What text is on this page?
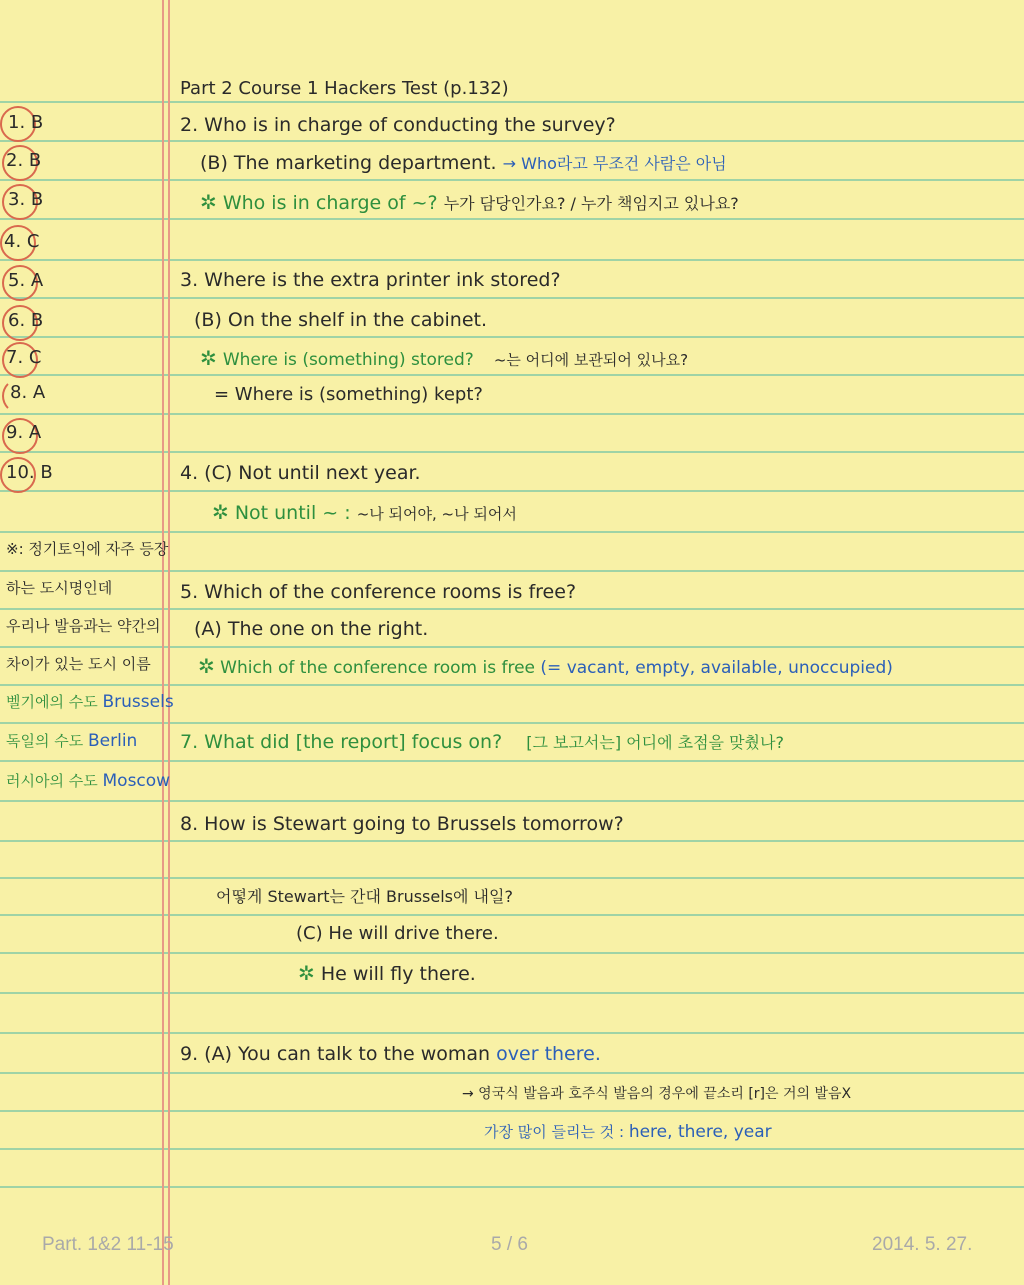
Part 2 Course 1 Hackers Test (p.132)
1. B
2. B
3. B
4. C
5. A
6. B
7. C
8. A
9. A
10. B
※: 정기토익에 자주 등장
하는 도시명인데
우리나 발음과는 약간의
차이가 있는 도시 이름
벨기에의 수도 Brussels
독일의 수도 Berlin
러시아의 수도 Moscow
2. Who is in charge of conducting the survey?
(B) The marketing department. → Who라고 무조건 사람은 아님
✲ Who is in charge of ~? 누가 담당인가요? / 누가 책임지고 있나요?
3. Where is the extra printer ink stored?
(B) On the shelf in the cabinet.
✲ Where is (something) stored? ~는 어디에 보관되어 있나요?
= Where is (something) kept?
4. (C) Not until next year.
✲ Not until ~ : ~나 되어야, ~나 되어서
5. Which of the conference rooms is free?
(A) The one on the right.
✲ Which of the conference room is free (= vacant, empty, available, unoccupied)
7. What did [the report] focus on? [그 보고서는] 어디에 초점을 맞췄나?
8. How is Stewart going to Brussels tomorrow?
어떻게 Stewart는 간대 Brussels에 내일?
(C) He will drive there.
✲ He will fly there.
9. (A) You can talk to the woman over there.
→ 영국식 발음과 호주식 발음의 경우에 끝소리 [r]은 거의 발음X
가장 많이 들리는 것 : here, there, year
Part. 1&2 11-15	5 / 6	2014. 5. 27.
